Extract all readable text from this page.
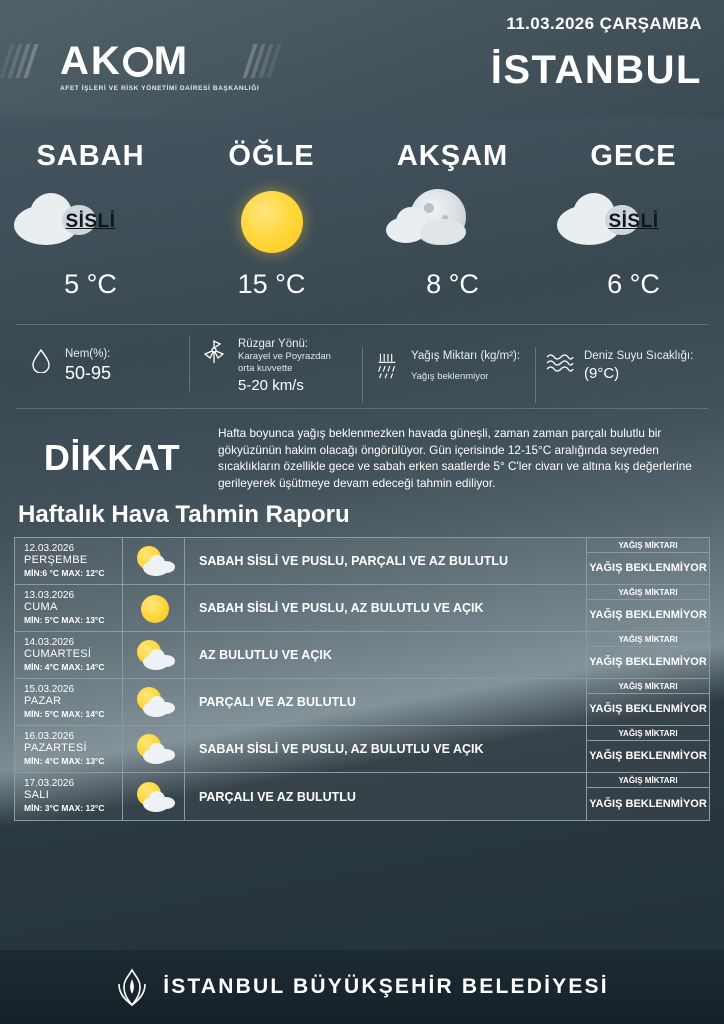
11.03.2026 ÇARŞAMBA
İSTANBUL
AK M
AFET İŞLERİ VE RİSK YÖNETİMİ DAİRESİ BAŞKANLIĞI
SABAH
SİSLİ
5 °C
ÖĞLE
15 °C
AKŞAM
8 °C
GECE
SİSLİ
6 °C
Nem(%):
50-95
Rüzgar Yönü:
Karayel ve Poyrazdan
orta kuvvette
5-20 km/s
Yağış Miktarı (kg/m²):
Yağış beklenmiyor
Deniz Suyu Sıcaklığı:
(9°C)
DİKKAT
Hafta boyunca yağış beklenmezken havada güneşli, zaman zaman parçalı bulutlu bir gökyüzünün hakim olacağı öngörülüyor. Gün içerisinde 12-15°C aralığında seyreden sıcaklıkların özellikle gece ve sabah erken saatlerde 5° C'ler civarı ve altına kış değerlerine gerileyerek üşütmeye devam edeceği tahmin ediliyor.
Haftalık Hava Tahmin Raporu
12.03.2026
PERŞEMBE
MİN:6 °C MAX: 12°C
SABAH SİSLİ VE PUSLU, PARÇALI VE AZ BULUTLU
YAĞIŞ MİKTARI
YAĞIŞ BEKLENMİYOR
13.03.2026
CUMA
MİN: 5°C MAX: 13°C
SABAH SİSLİ VE PUSLU, AZ BULUTLU VE AÇIK
YAĞIŞ MİKTARI
YAĞIŞ BEKLENMİYOR
14.03.2026
CUMARTESİ
MİN: 4°C MAX: 14°C
AZ BULUTLU VE AÇIK
YAĞIŞ MİKTARI
YAĞIŞ BEKLENMİYOR
15.03.2026
PAZAR
MİN: 5°C MAX: 14°C
PARÇALI VE AZ BULUTLU
YAĞIŞ MİKTARI
YAĞIŞ BEKLENMİYOR
16.03.2026
PAZARTESİ
MİN: 4°C MAX: 13°C
SABAH SİSLİ VE PUSLU, AZ BULUTLU VE AÇIK
YAĞIŞ MİKTARI
YAĞIŞ BEKLENMİYOR
17.03.2026
SALI
MİN: 3°C MAX: 12°C
PARÇALI VE AZ BULUTLU
YAĞIŞ MİKTARI
YAĞIŞ BEKLENMİYOR
İSTANBUL BÜYÜKŞEHİR BELEDİYESİ
